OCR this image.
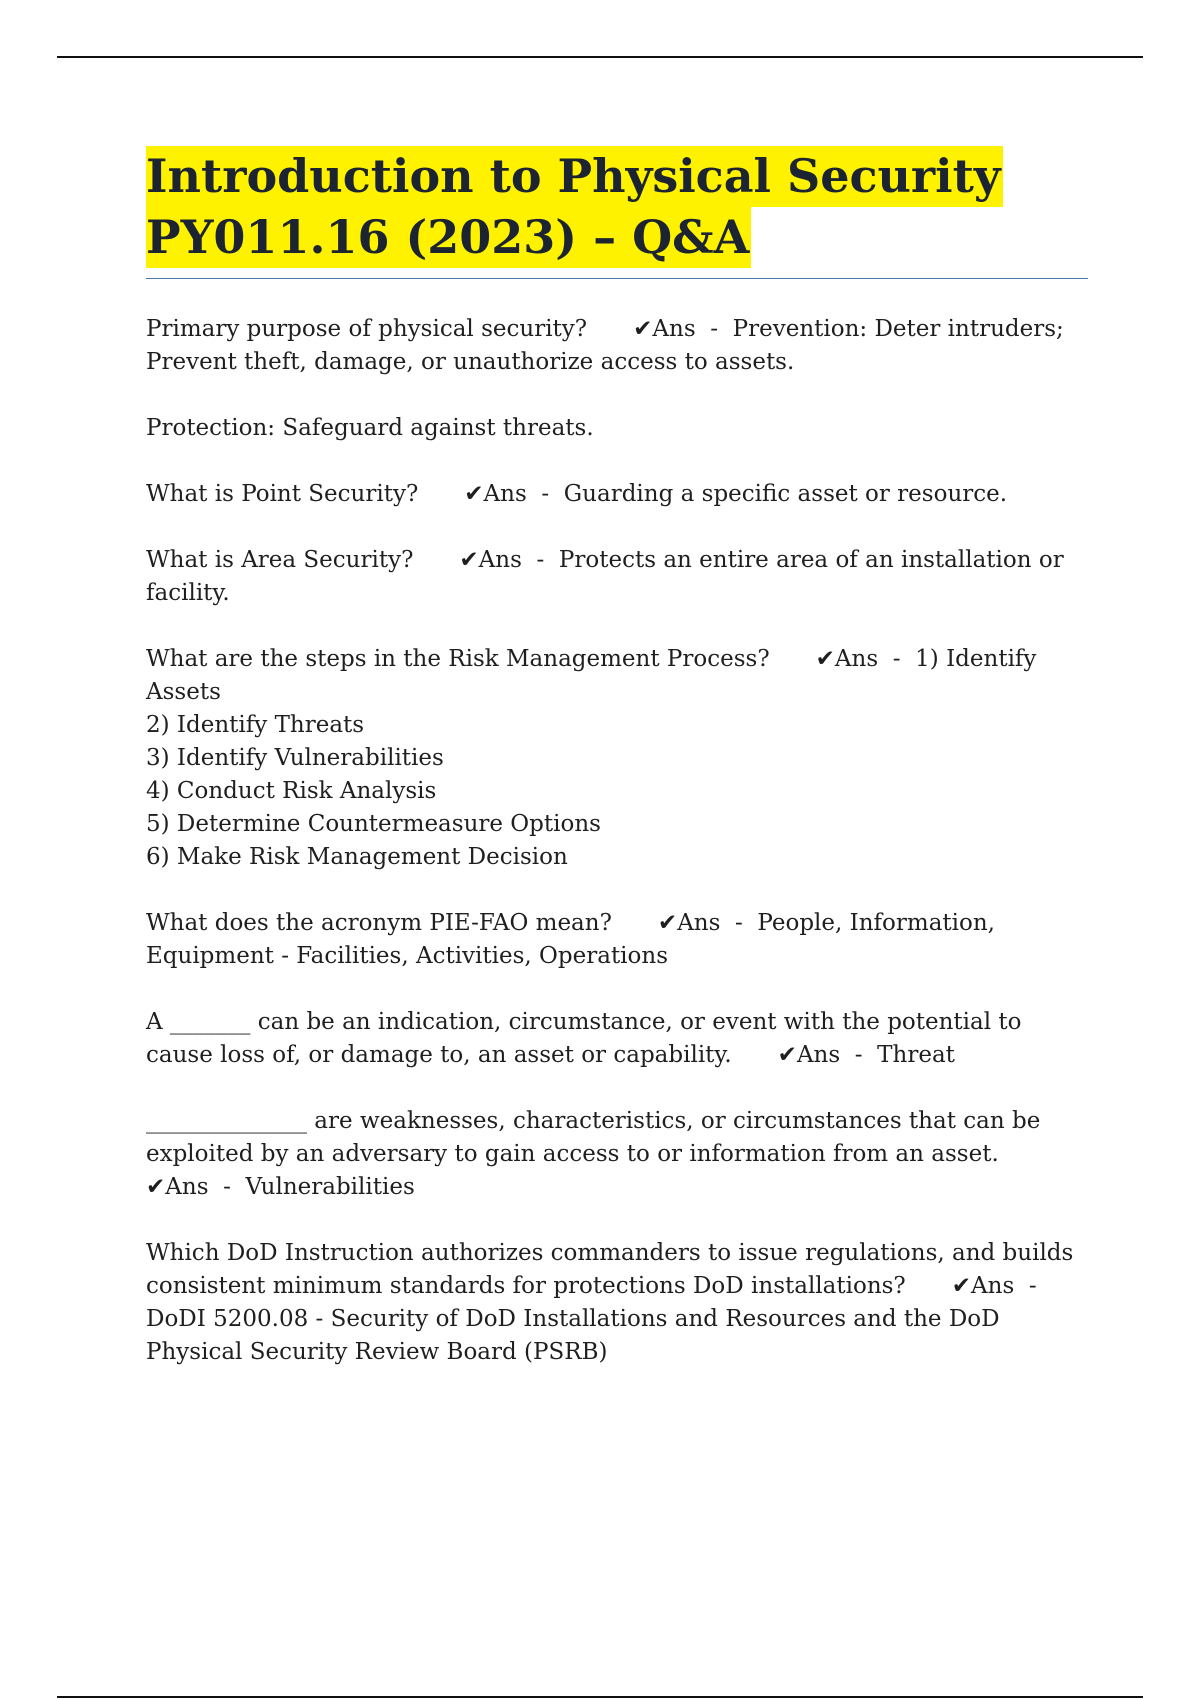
Introduction to Physical Security
PY011.16 (2023) – Q&A

Primary purpose of physical security?  ✔Ans  -  Prevention: Deter intruders; Prevent theft, damage, or unauthorize access to assets.

Protection: Safeguard against threats.

What is Point Security?  ✔Ans  -  Guarding a specific asset or resource.

What is Area Security?  ✔Ans  -  Protects an entire area of an installation or facility.

What are the steps in the Risk Management Process?  ✔Ans  -  1) Identify Assets
2) Identify Threats
3) Identify Vulnerabilities
4) Conduct Risk Analysis
5) Determine Countermeasure Options
6) Make Risk Management Decision

What does the acronym PIE-FAO mean?  ✔Ans  -  People, Information, Equipment - Facilities, Activities, Operations

A _______ can be an indication, circumstance, or event with the potential to cause loss of, or damage to, an asset or capability.  ✔Ans  -  Threat

______________ are weaknesses, characteristics, or circumstances that can be exploited by an adversary to gain access to or information from an asset.  ✔Ans  -  Vulnerabilities

Which DoD Instruction authorizes commanders to issue regulations, and builds consistent minimum standards for protections DoD installations?  ✔Ans  -  DoDI 5200.08 - Security of DoD Installations and Resources and the DoD Physical Security Review Board (PSRB)
